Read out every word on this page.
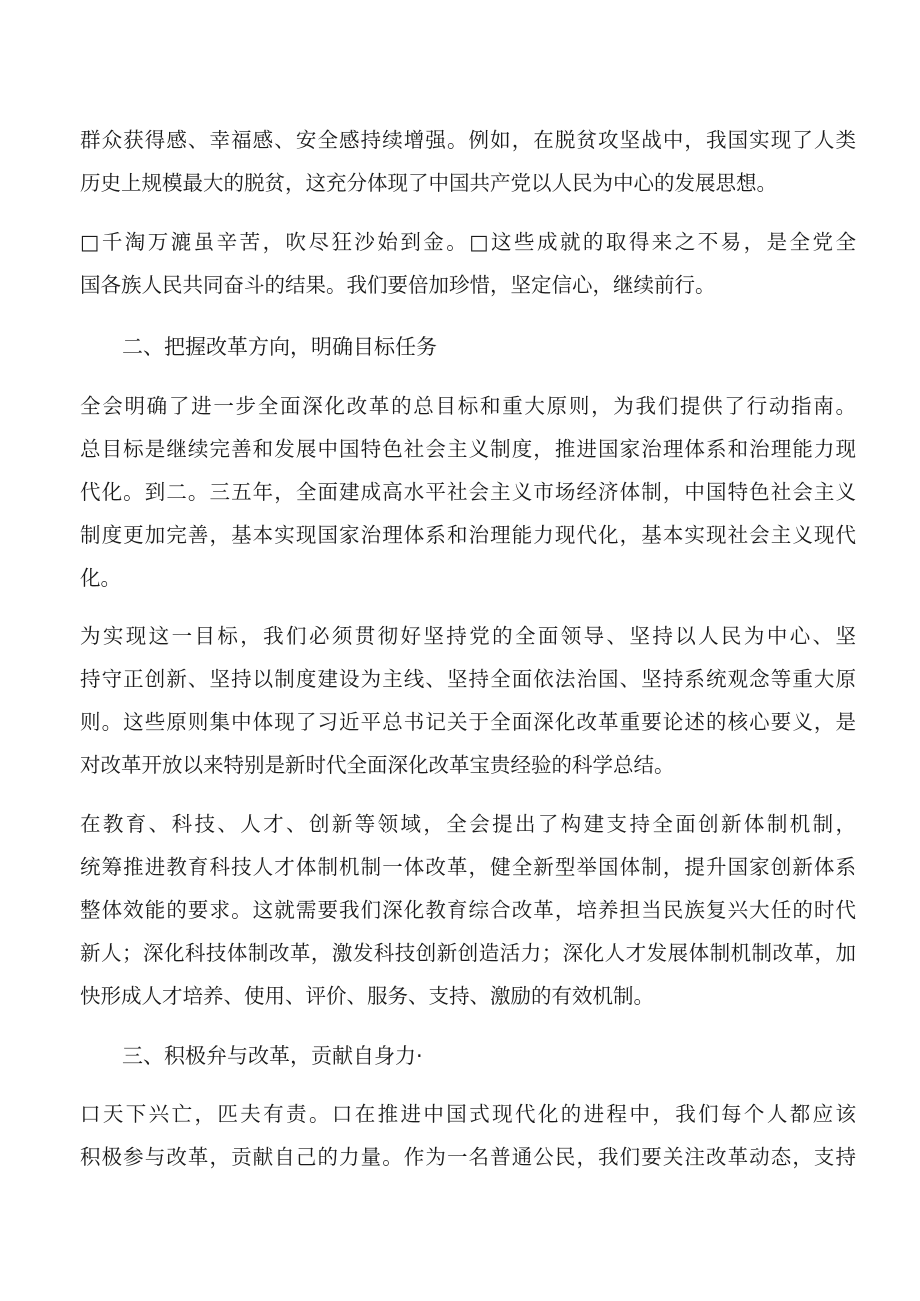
群众获得感、幸福感、安全感持续增强。例如，在脱贫攻坚战中，我国实现了人类
历史上规模最大的脱贫，这充分体现了中国共产党以人民为中心的发展思想。
□千淘万漉虽辛苦，吹尽狂沙始到金。□这些成就的取得来之不易，是全党全
国各族人民共同奋斗的结果。我们要倍加珍惜，坚定信心，继续前行。
二、把握改革方向，明确目标任务
全会明确了进一步全面深化改革的总目标和重大原则，为我们提供了行动指南。
总目标是继续完善和发展中国特色社会主义制度，推进国家治理体系和治理能力现
代化。到二。三五年，全面建成高水平社会主义市场经济体制，中国特色社会主义
制度更加完善，基本实现国家治理体系和治理能力现代化，基本实现社会主义现代
化。
为实现这一目标，我们必须贯彻好坚持党的全面领导、坚持以人民为中心、坚
持守正创新、坚持以制度建设为主线、坚持全面依法治国、坚持系统观念等重大原
则。这些原则集中体现了习近平总书记关于全面深化改革重要论述的核心要义，是
对改革开放以来特别是新时代全面深化改革宝贵经验的科学总结。
在教育、科技、人才、创新等领域，全会提出了构建支持全面创新体制机制，
统筹推进教育科技人才体制机制一体改革，健全新型举国体制，提升国家创新体系
整体效能的要求。这就需要我们深化教育综合改革，培养担当民族复兴大任的时代
新人；深化科技体制改革，激发科技创新创造活力；深化人才发展体制机制改革，加
快形成人才培养、使用、评价、服务、支持、激励的有效机制。
三、积极弁与改革，贡献自身力·
口天下兴亡，匹夫有责。口在推进中国式现代化的进程中，我们每个人都应该
积极参与改革，贡献自己的力量。作为一名普通公民，我们要关注改革动态，支持
